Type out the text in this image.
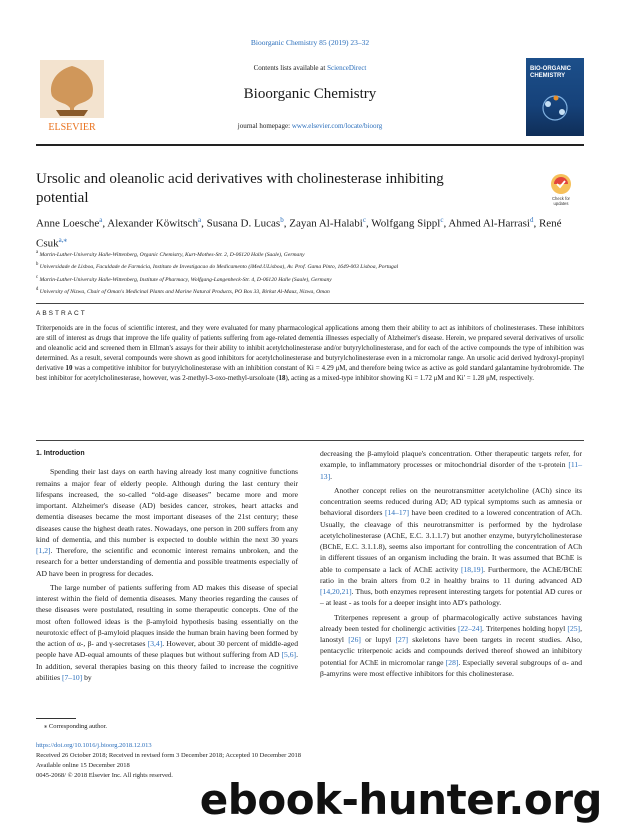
Bioorganic Chemistry 85 (2019) 23–32
ELSEVIER
Contents lists available at ScienceDirect
Bioorganic Chemistry
journal homepage: www.elsevier.com/locate/bioorg
BIO-ORGANIC CHEMISTRY
Ursolic and oleanolic acid derivatives with cholinesterase inhibiting potential	Check for
updates
Anne Loesche$^a$, Alexander Köwitsch$^a$, Susana D. Lucas$^b$, Zayan Al-Halabi$^c$, Wolfgang Sippl$^c$, Ahmed Al-Harrasi$^d$, René Csuk$^{a,⁎}$
$^a$ Martin-Luther-University Halle-Wittenberg, Organic Chemistry, Kurt-Mothes-Str. 2, D-06120 Halle (Saale), Germany
$^b$ Universidade de Lisboa, Faculdade de Farmácia, Instituto de Investigacao do Medicamento (iMed.ULisboa), Av. Prof. Gama Pinto, 1649-003 Lisboa, Portugal
$^c$ Martin-Luther-University Halle-Wittenberg, Institute of Pharmacy, Wolfgang-Langenbeck-Str. 4, D-06120 Halle (Saale), Germany
$^d$ University of Nizwa, Chair of Oman's Medicinal Plants and Marine Natural Products, PO Box 33, Birkat Al-Mauz, Nizwa, Oman
ABSTRACT
Triterpenoids are in the focus of scientific interest, and they were evaluated for many pharmacological applications among them their ability to act as inhibitors of cholinesterases. These inhibitors are still of interest as drugs that improve the life quality of patients suffering from age-related dementia illnesses especially of Alzheimer's disease. Herein, we prepared several derivatives of ursolic and oleanolic acid and screened them in Ellman's assays for their ability to inhibit acetylcholinesterase and/or butyrylcholinesterase, and for each of the active compounds the type of inhibition was determined. As a result, several compounds were shown as good inhibitors for acetylcholinesterase and butyrylcholinesterase even in a micromolar range. An ursolic acid derived hydroxyl-propinyl derivative 10 was a competitive inhibitor for butyrylcholinesterase with an inhibition constant of Ki = 4.29 μM, and therefore being twice as active as gold standard galantamine hydrobromide. The best inhibitor for acetylcholinesterase, however, was 2-methyl-3-oxo-methyl-ursoloate (18), acting as a mixed-type inhibitor showing Ki = 1.72 μM and Ki' = 1.28 μM, respectively.
1. Introduction

Spending their last days on earth having already lost many cognitive functions remains a major fear of elderly people. Although during the last century their lifespans increased, the so-called “old-age diseases” became more and more important. Alzheimer's disease (AD) besides cancer, strokes, heart attacks and dementia diseases became the most important diseases of the 21st century; these diseases cause the highest death rates. Nowadays, one person in 200 suffers from any kind of dementia, and this number is expected to double within the next 30 years [1,2]. Therefore, the scientific and economic interest remains unbroken, and the research for a better understanding of dementia and possible treatments especially of AD have been in progress for decades.

The large number of patients suffering from AD makes this disease of special interest within the field of dementia diseases. Many theories regarding the causes of these diseases were postulated, resulting in some therapeutic concepts. One of the most often followed ideas is the β-amyloid hypothesis basing essentially on the neurotoxic effect of β-amyloid plaques inside the human brain having been formed by the action of α-, β- and γ-secretases [3,4]. However, about 30 percent of middle-aged people have AD-equal amounts of these plaques but without suffering from AD [5,6]. In addition, several therapies basing on this theory failed to increase the cognitive abilities [7–10] by

decreasing the β-amyloid plaque's concentration. Other therapeutic targets refer, for example, to inflammatory processes or mitochondrial disorder of the τ-protein [11–13].

Another concept relies on the neurotransmitter acetylcholine (ACh) since its concentration seems reduced during AD; AD typical symptoms such as amnesia or behavioral disorders [14–17] have been credited to a lowered concentration of ACh. Usually, the cleavage of this neurotransmitter is performed by the hydrolase acetylcholinesterase (AChE, E.C. 3.1.1.7) but another enzyme, butyrylcholinesterase (BChE, E.C. 3.1.1.8), seems also important for controlling the concentration of ACh in different tissues of an organism including the brain. It was assumed that BChE is able to compensate a lack of AChE activity [18,19]. Furthermore, the AChE/BChE ratio in the brain alters from 0.2 in healthy brains to 11 during advanced AD [14,20,21]. Thus, both enzymes represent interesting targets for potential AD cures or – at least - as tools for a deeper insight into AD's pathology.

Triterpenes represent a group of pharmacologically active substances having already been tested for cholinergic activities [22–24]. Triterpenes holding hopyl [25], lanostyl [26] or lupyl [27] skeletons have been targets in recent studies. Also, pentacyclic triterpenoic acids and compounds derived thereof showed an inhibitory potential for AChE in micromolar range [28]. Especially several subgroups of α- and β-amyrins were most effective inhibitors for this cholinesterase.

⁎ Corresponding author.
https://doi.org/10.1016/j.bioorg.2018.12.013
Received 26 October 2018; Received in revised form 3 December 2018; Accepted 10 December 2018
Available online 15 December 2018
0045-2068/ © 2018 Elsevier Inc. All rights reserved. ebook-hunter.org
